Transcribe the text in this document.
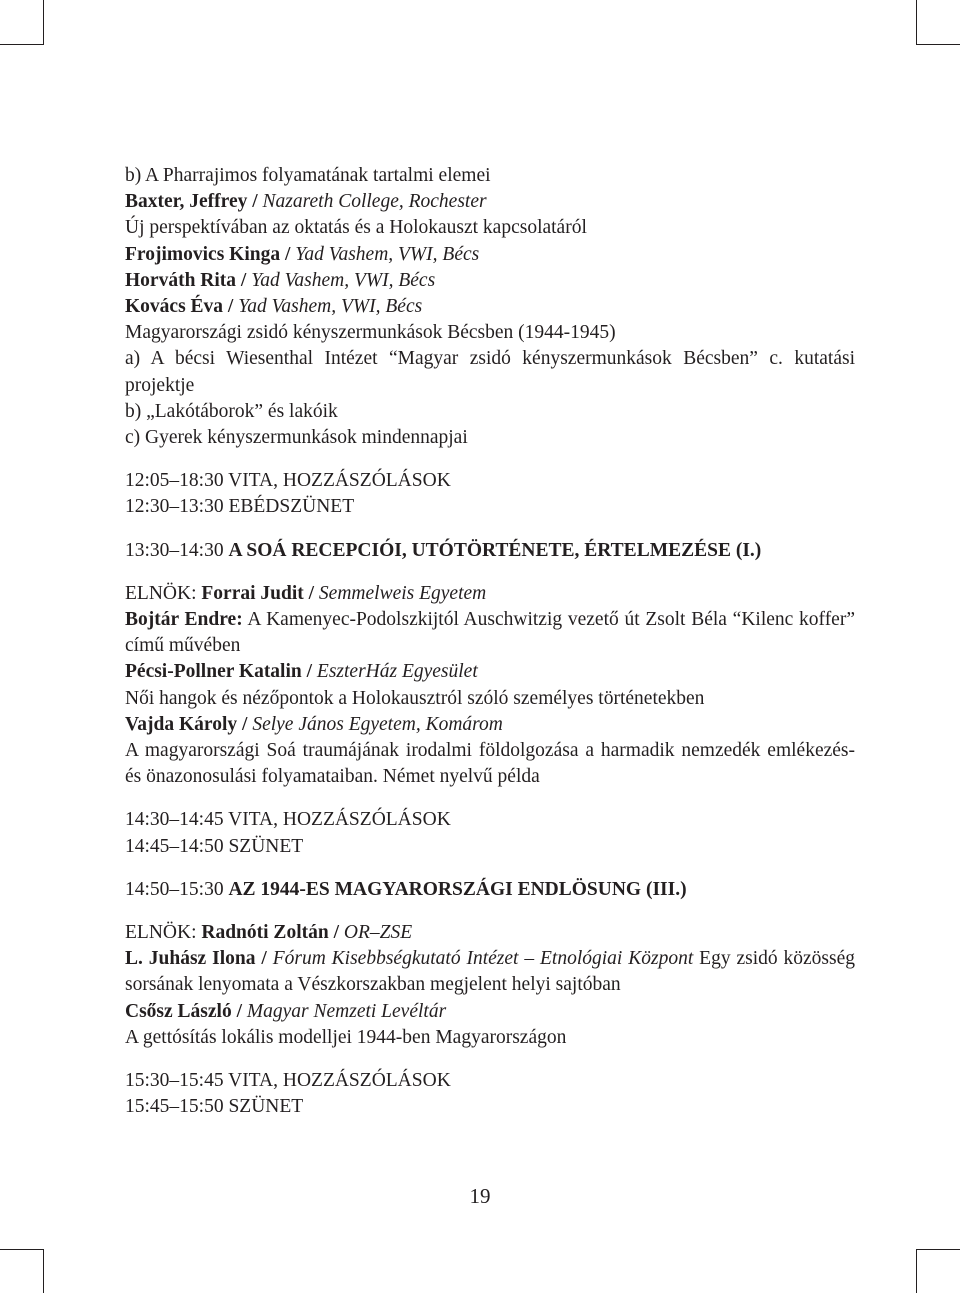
b) A Pharrajimos folyamatának tartalmi elemei
Baxter, Jeffrey / Nazareth College, Rochester
Új perspektívában az oktatás és a Holokauszt kapcsolatáról
Frojimovics Kinga / Yad Vashem, VWI, Bécs
Horváth Rita / Yad Vashem, VWI, Bécs
Kovács Éva / Yad Vashem, VWI, Bécs
Magyarországi zsidó kényszermunkások Bécsben (1944-1945)
a) A bécsi Wiesenthal Intézet “Magyar zsidó kényszermunkások Bécsben” c. kutatási projektje
b) „Lakótáborok” és lakóik
c) Gyerek kényszermunkások mindennapjai
12:05–18:30 VITA, HOZZÁSZÓLÁSOK
12:30–13:30 EBÉDSZÜNET
13:30–14:30 A SOÁ RECEPCIÓI, UTÓTÖRTÉNETE, ÉRTELMEZÉSE (I.)
ELNÖK: Forrai Judit / Semmelweis Egyetem
Bojtár Endre: A Kamenyec-Podolszkijtól Auschwitzig vezető út Zsolt Béla “Kilenc koffer” című művében
Pécsi-Pollner Katalin / EszterHáz Egyesület
Női hangok és nézőpontok a Holokausztról szóló személyes történetekben
Vajda Károly / Selye János Egyetem, Komárom
A magyarországi Soá traumájának irodalmi földolgozása a harmadik nemzedék emlékezés- és önazonosulási folyamataiban. Német nyelvű példa
14:30–14:45 VITA, HOZZÁSZÓLÁSOK
14:45–14:50 SZÜNET
14:50–15:30 AZ 1944-ES MAGYARORSZÁGI ENDLÖSUNG (III.)
ELNÖK: Radnóti Zoltán / OR–ZSE
L. Juhász Ilona / Fórum Kisebbségkutató Intézet – Etnológiai Központ Egy zsidó közösség sorsának lenyomata a Vészkorszakban megjelent helyi sajtóban
Csősz László / Magyar Nemzeti Levéltár
A gettósítás lokális modelljei 1944-ben Magyarországon
15:30–15:45 VITA, HOZZÁSZÓLÁSOK
15:45–15:50 SZÜNET
19
